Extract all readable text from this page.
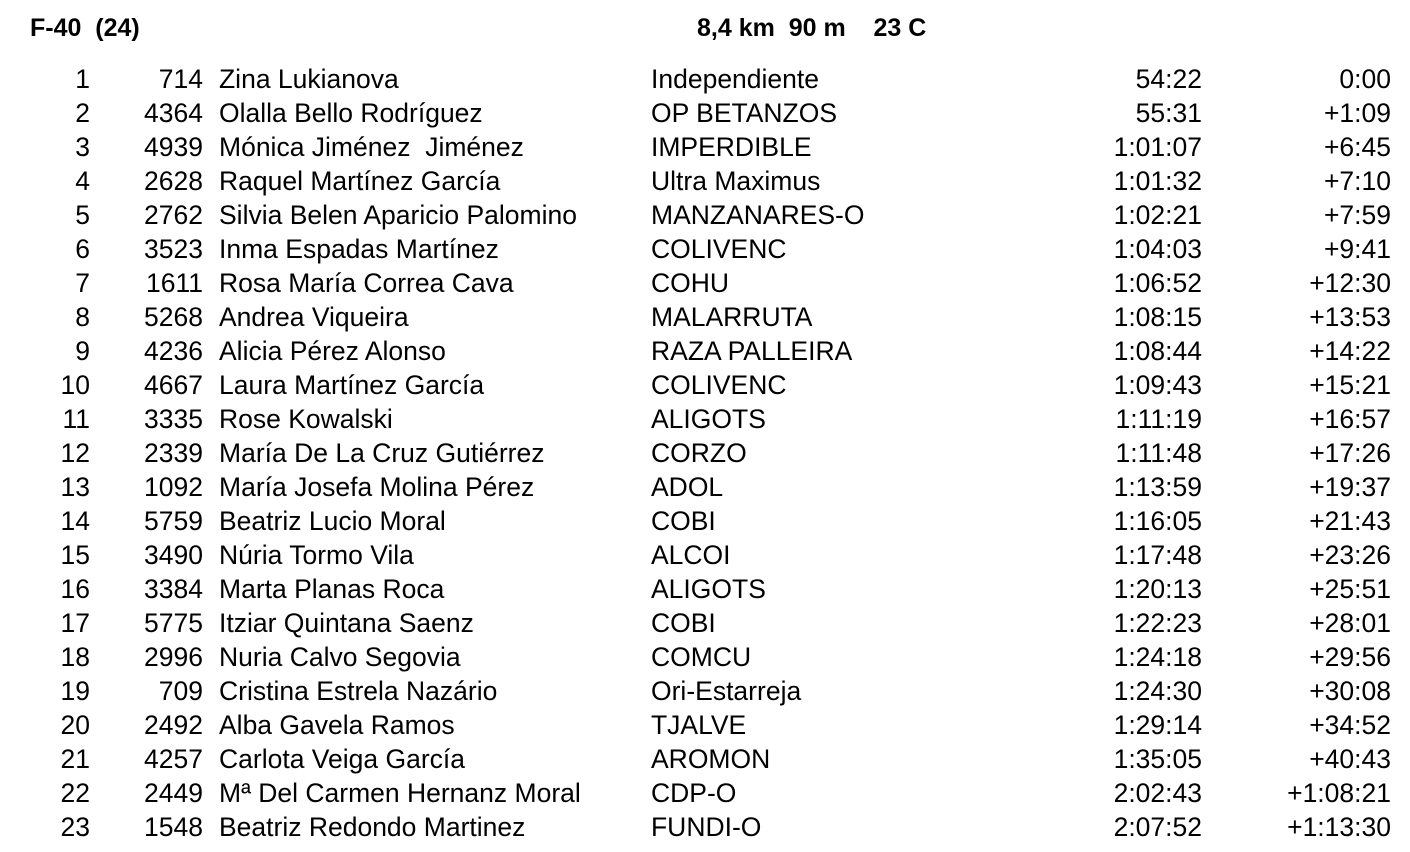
F-40  (24)	8,4 km  90 m    23 C
1	714 Zina Lukianova	Independiente	54:22	0:00
2 4364 Olalla Bello Rodríguez	OP BETANZOS	55:31	+1:09
3 4939 Mónica Jiménez  Jiménez	IMPERDIBLE	1:01:07	+6:45
4 2628 Raquel Martínez García	Ultra Maximus	1:01:32	+7:10
5 2762 Silvia Belen Aparicio Palomino	MANZANARES-O	1:02:21	+7:59
6 3523 Inma Espadas Martínez	COLIVENC	1:04:03	+9:41
7 1611 Rosa María Correa Cava	COHU	1:06:52	+12:30
8 5268 Andrea Viqueira	MALARRUTA	1:08:15	+13:53
9 4236 Alicia Pérez Alonso	RAZA PALLEIRA	1:08:44	+14:22
10 4667 Laura Martínez García	COLIVENC	1:09:43	+15:21
11 3335 Rose Kowalski	ALIGOTS	1:11:19	+16:57
12 2339 María De La Cruz Gutiérrez	CORZO	1:11:48	+17:26
13 1092 María Josefa Molina Pérez	ADOL	1:13:59	+19:37
14 5759 Beatriz Lucio Moral	COBI	1:16:05	+21:43
15 3490 Núria Tormo Vila	ALCOI	1:17:48	+23:26
16 3384 Marta Planas Roca	ALIGOTS	1:20:13	+25:51
17 5775 Itziar Quintana Saenz	COBI	1:22:23	+28:01
18 2996 Nuria Calvo Segovia	COMCU	1:24:18	+29:56
19	709 Cristina Estrela Nazário	Ori-Estarreja	1:24:30	+30:08
20 2492 Alba Gavela Ramos	TJALVE	1:29:14	+34:52
21 4257 Carlota Veiga García	AROMON	1:35:05	+40:43
22 2449 Mª Del Carmen Hernanz Moral	CDP-O	2:02:43	+1:08:21
23 1548 Beatriz Redondo Martinez	FUNDI-O	2:07:52	+1:13:30
